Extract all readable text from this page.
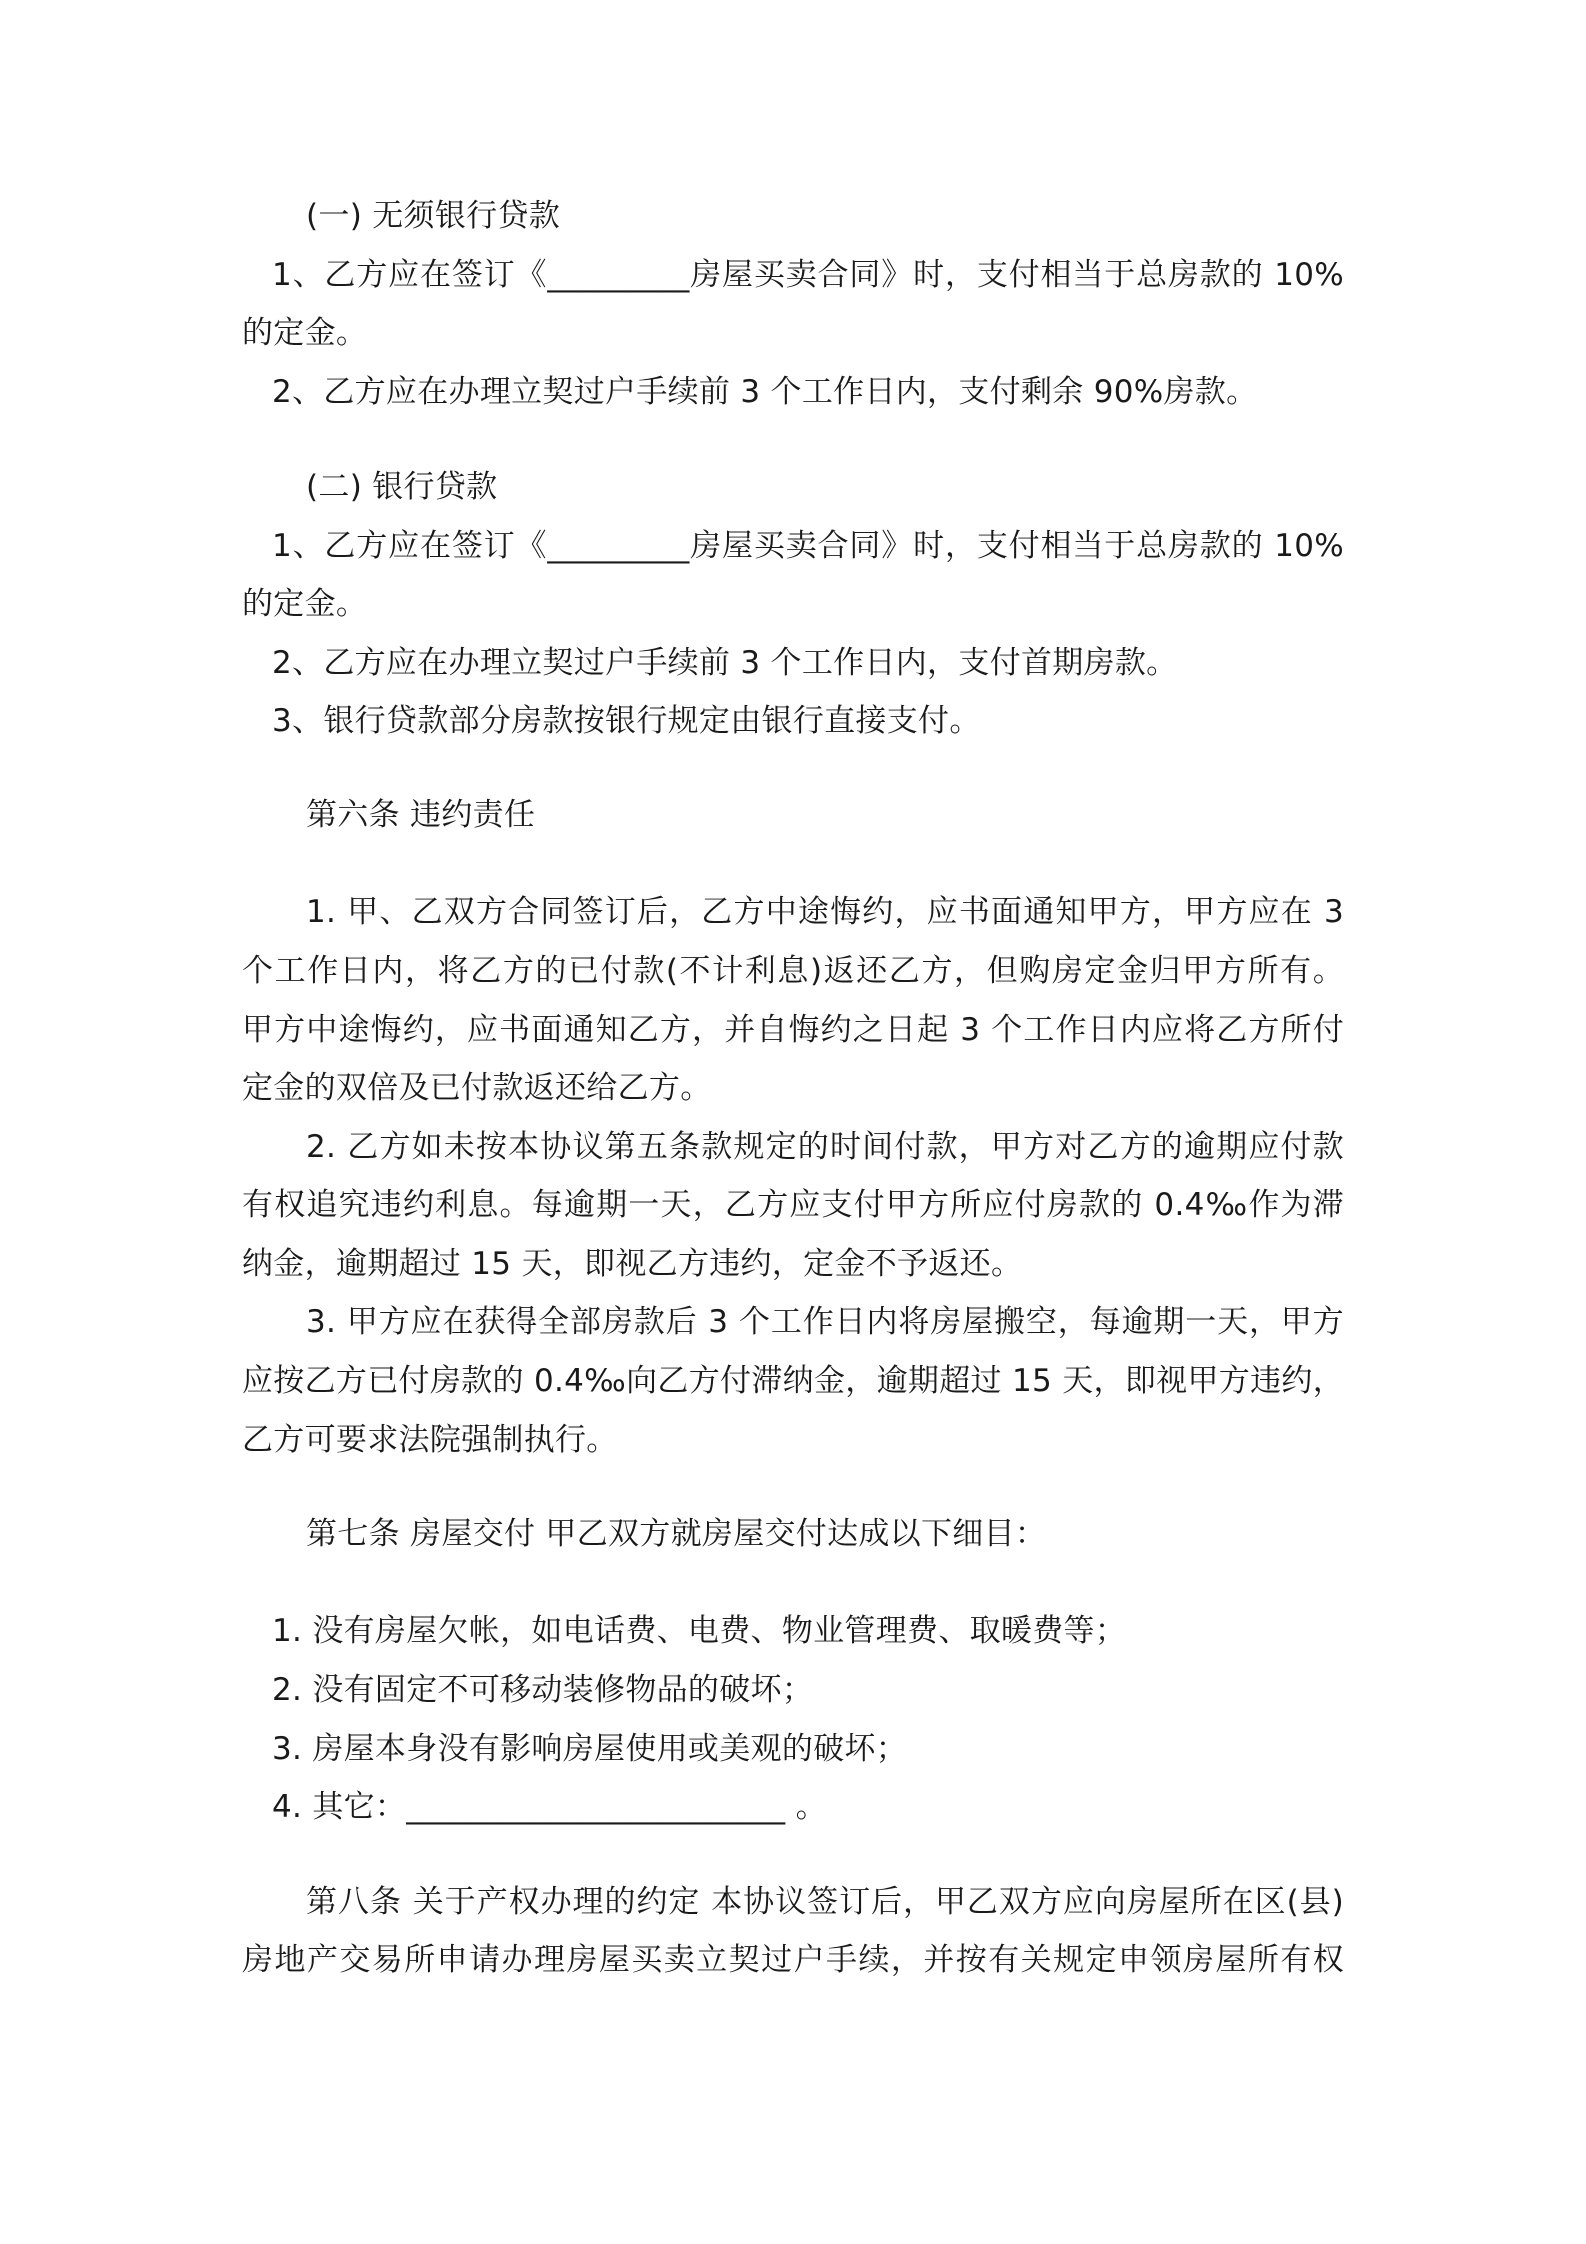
(一) 无须银行贷款
1、乙方应在签订《_________房屋买卖合同》时，支付相当于总房款的 10%
的定金。
2、乙方应在办理立契过户手续前 3 个工作日内，支付剩余 90%房款。
(二) 银行贷款
1、乙方应在签订《_________房屋买卖合同》时，支付相当于总房款的 10%
的定金。
2、乙方应在办理立契过户手续前 3 个工作日内，支付首期房款。
3、银行贷款部分房款按银行规定由银行直接支付。
第六条 违约责任
1. 甲、乙双方合同签订后，乙方中途悔约，应书面通知甲方，甲方应在 3
个工作日内，将乙方的已付款(不计利息)返还乙方，但购房定金归甲方所有。
甲方中途悔约，应书面通知乙方，并自悔约之日起 3 个工作日内应将乙方所付
定金的双倍及已付款返还给乙方。
2. 乙方如未按本协议第五条款规定的时间付款，甲方对乙方的逾期应付款
有权追究违约利息。每逾期一天，乙方应支付甲方所应付房款的 0.4‰作为滞
纳金，逾期超过 15 天，即视乙方违约，定金不予返还。
3. 甲方应在获得全部房款后 3 个工作日内将房屋搬空，每逾期一天，甲方
应按乙方已付房款的 0.4‰向乙方付滞纳金，逾期超过 15 天，即视甲方违约，
乙方可要求法院强制执行。
第七条 房屋交付 甲乙双方就房屋交付达成以下细目：
1. 没有房屋欠帐，如电话费、电费、物业管理费、取暖费等；
2. 没有固定不可移动装修物品的破坏；
3. 房屋本身没有影响房屋使用或美观的破坏；
4. 其它：________________________ 。
第八条 关于产权办理的约定 本协议签订后，甲乙双方应向房屋所在区(县)
房地产交易所申请办理房屋买卖立契过户手续，并按有关规定申领房屋所有权
